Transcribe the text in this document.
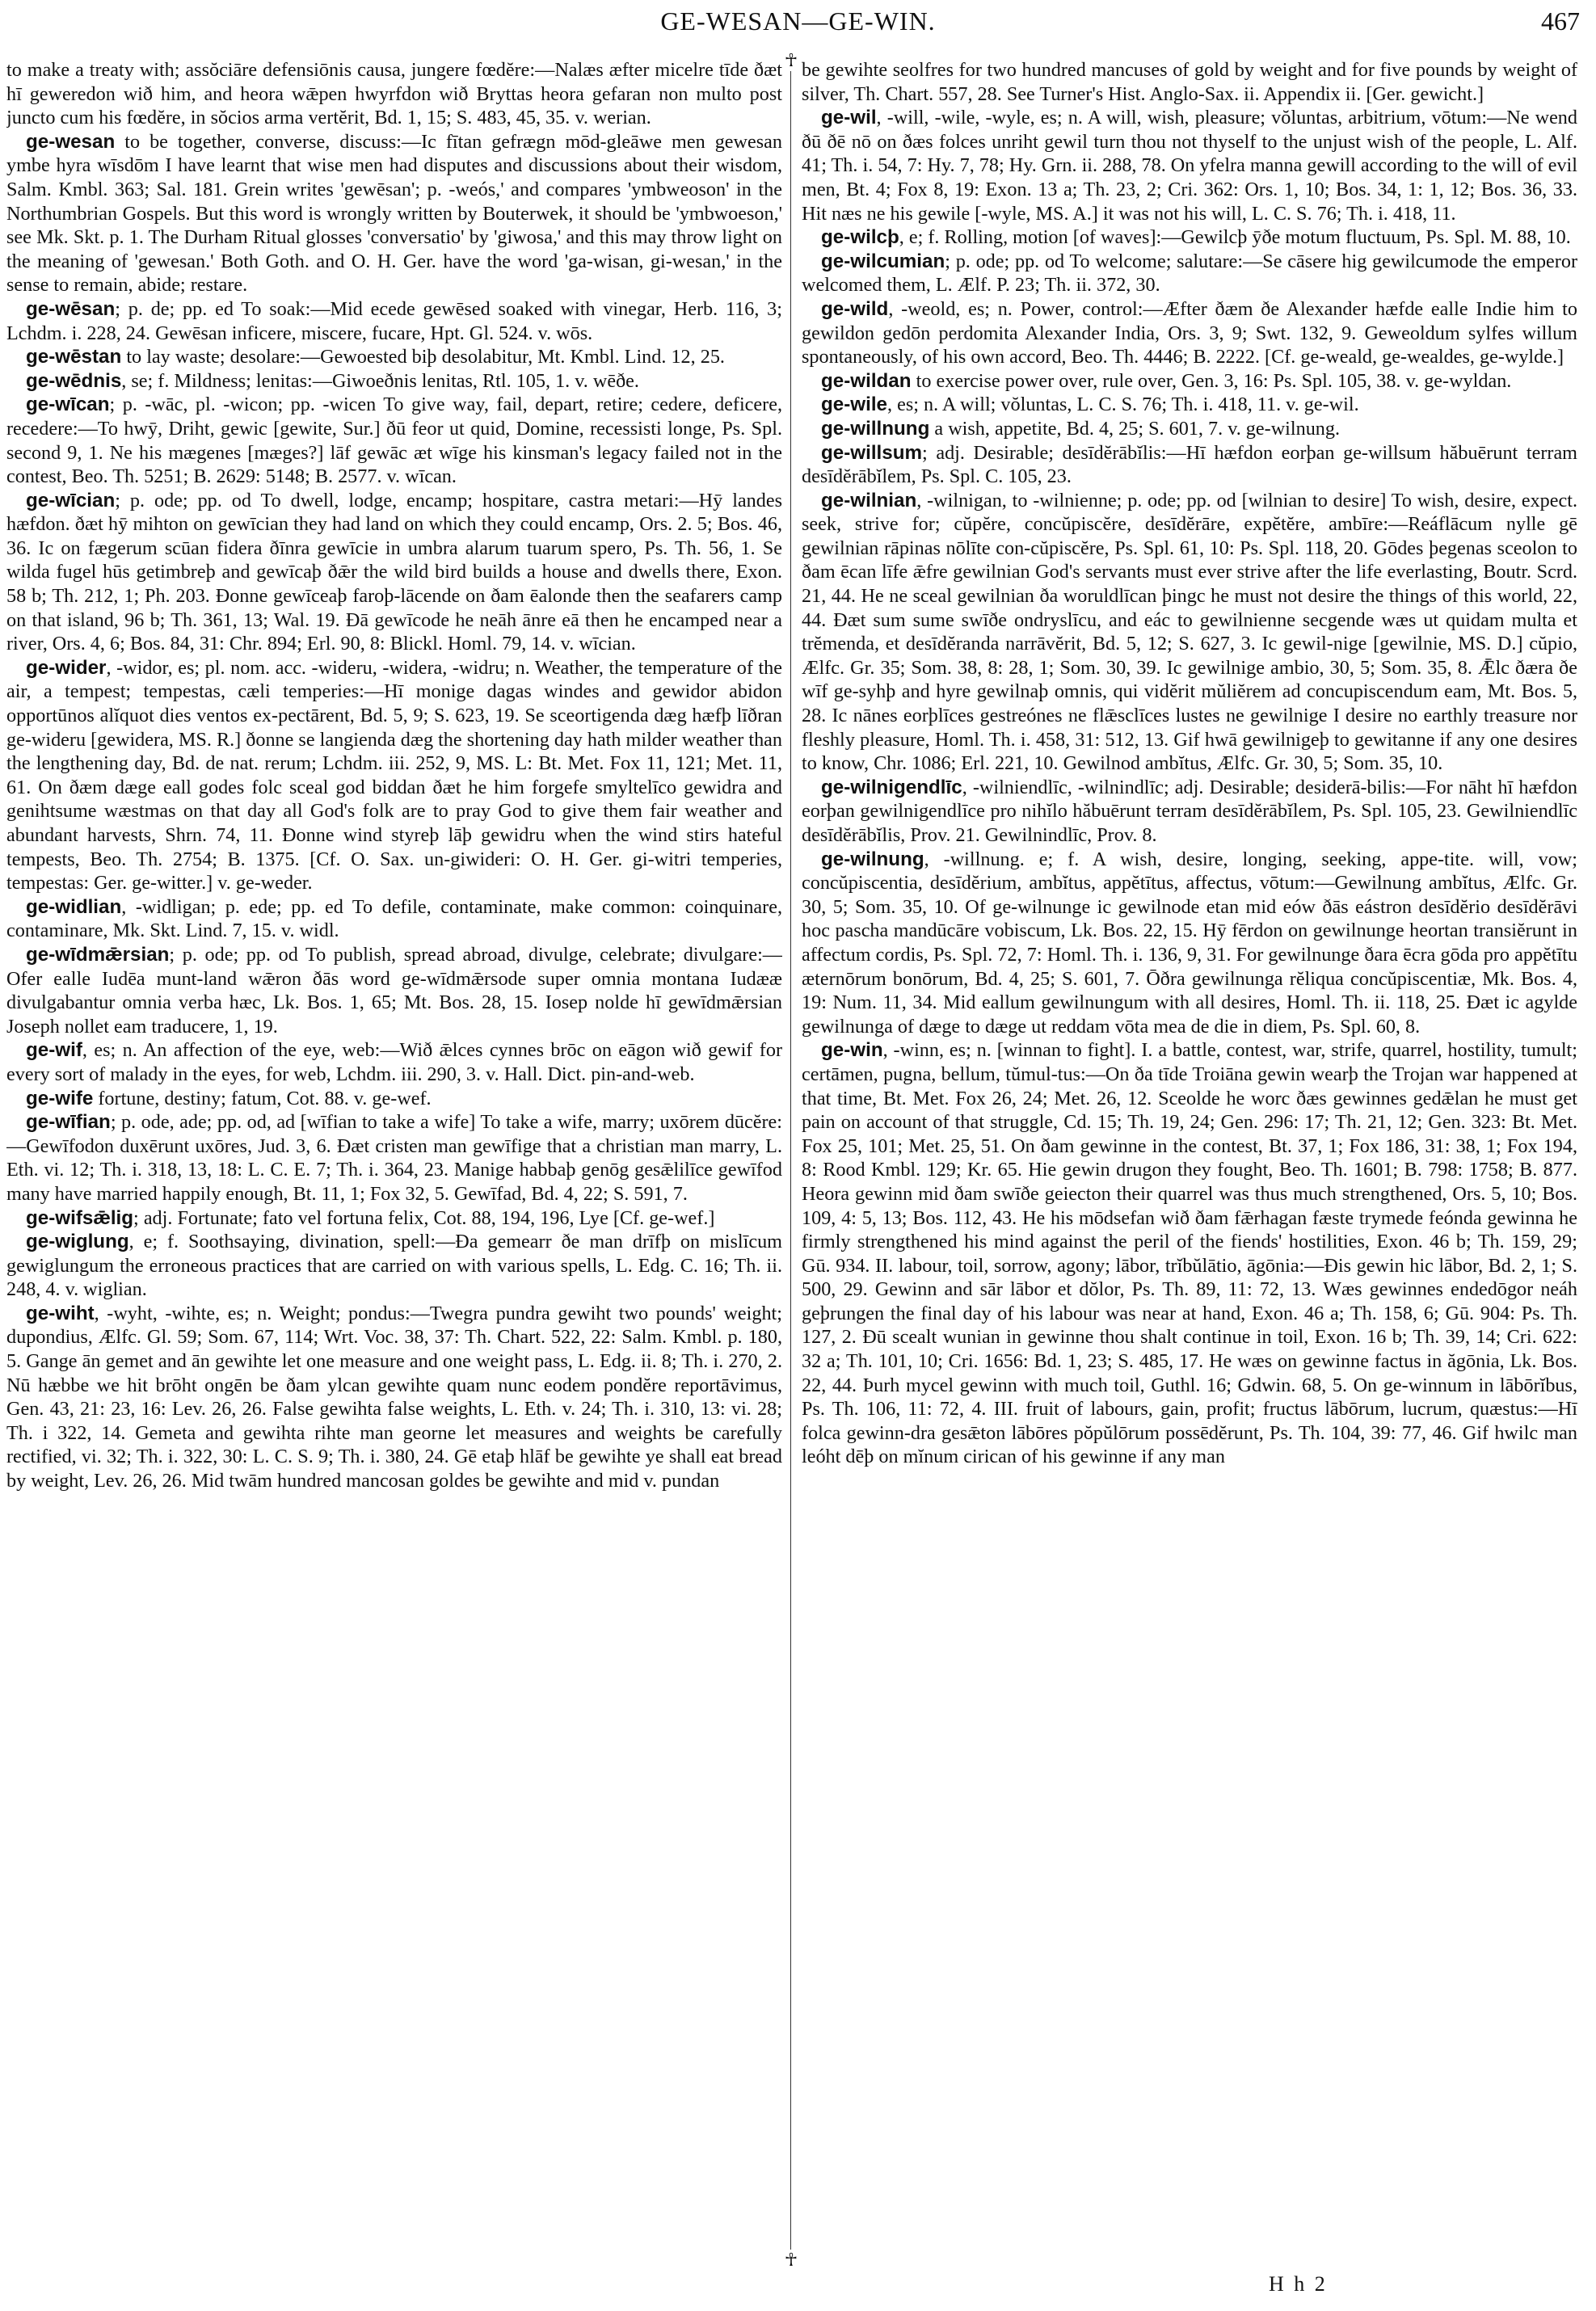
GE-WESAN—GE-WIN.	467
☥
☥

to make a treaty with; assŏciāre defensiōnis causa, jungere fœdĕre:—Nalæs æfter micelre tīde ðæt hī geweredon wið him, and heora wǣpen hwyrfdon wið Bryttas heora gefaran non multo post juncto cum his fœdĕre, in sŏcios arma vertĕrit, Bd. 1, 15; S. 483, 45, 35. v. werian.

ge-wesan to be together, converse, discuss:—Ic fītan gefrægn mōd-gleāwe men gewesan ymbe hyra wīsdōm I have learnt that wise men had disputes and discussions about their wisdom, Salm. Kmbl. 363; Sal. 181. Grein writes 'gewēsan'; p. -weós,' and compares 'ymbweoson' in the Northumbrian Gospels. But this word is wrongly written by Bouterwek, it should be 'ymbwoeson,' see Mk. Skt. p. 1. The Durham Ritual glosses 'conversatio' by 'giwosa,' and this may throw light on the meaning of 'gewesan.' Both Goth. and O. H. Ger. have the word 'ga-wisan, gi-wesan,' in the sense to remain, abide; restare.

ge-wēsan; p. de; pp. ed To soak:—Mid ecede gewēsed soaked with vinegar, Herb. 116, 3; Lchdm. i. 228, 24. Gewēsan inficere, miscere, fucare, Hpt. Gl. 524. v. wōs.

ge-wēstan to lay waste; desolare:—Gewoested biþ desolabitur, Mt. Kmbl. Lind. 12, 25.

ge-wēdnis, se; f. Mildness; lenitas:—Giwoeðnis lenitas, Rtl. 105, 1. v. wēðe.

ge-wīcan; p. -wāc, pl. -wicon; pp. -wicen To give way, fail, depart, retire; cedere, deficere, recedere:—To hwȳ, Driht, gewic [gewite, Sur.] ðū feor ut quid, Domine, recessisti longe, Ps. Spl. second 9, 1. Ne his mægenes [mæges?] lāf gewāc æt wīge his kinsman's legacy failed not in the contest, Beo. Th. 5251; B. 2629: 5148; B. 2577. v. wīcan.

ge-wīcian; p. ode; pp. od To dwell, lodge, encamp; hospitare, castra metari:—Hȳ landes hæfdon. ðæt hȳ mihton on gewīcian they had land on which they could encamp, Ors. 2. 5; Bos. 46, 36. Ic on fægerum scūan fidera ðīnra gewīcie in umbra alarum tuarum spero, Ps. Th. 56, 1. Se wilda fugel hūs getimbreþ and gewīcaþ ðǣr the wild bird builds a house and dwells there, Exon. 58 b; Th. 212, 1; Ph. 203. Ðonne gewīceaþ faroþ-lācende on ðam ēalonde then the seafarers camp on that island, 96 b; Th. 361, 13; Wal. 19. Ðā gewīcode he neāh ānre eā then he encamped near a river, Ors. 4, 6; Bos. 84, 31: Chr. 894; Erl. 90, 8: Blickl. Homl. 79, 14. v. wīcian.

ge-wider, -widor, es; pl. nom. acc. -wideru, -widera, -widru; n. Weather, the temperature of the air, a tempest; tempestas, cæli temperies:—Hī monige dagas windes and gewidor abidon opportūnos alĭquot dies ventos ex-pectārent, Bd. 5, 9; S. 623, 19. Se sceortigenda dæg hæfþ līðran ge-wideru [gewidera, MS. R.] ðonne se langienda dæg the shortening day hath milder weather than the lengthening day, Bd. de nat. rerum; Lchdm. iii. 252, 9, MS. L: Bt. Met. Fox 11, 121; Met. 11, 61. On ðæm dæge eall godes folc sceal god biddan ðæt he him forgefe smyltelīco gewidra and genihtsume wæstmas on that day all God's folk are to pray God to give them fair weather and abundant harvests, Shrn. 74, 11. Ðonne wind styreþ lāþ gewidru when the wind stirs hateful tempests, Beo. Th. 2754; B. 1375. [Cf. O. Sax. un-giwideri: O. H. Ger. gi-witri temperies, tempestas: Ger. ge-witter.] v. ge-weder.

ge-widlian, -widligan; p. ede; pp. ed To defile, contaminate, make common: coinquinare, contaminare, Mk. Skt. Lind. 7, 15. v. widl.

ge-wīdmǣrsian; p. ode; pp. od To publish, spread abroad, divulge, celebrate; divulgare:—Ofer ealle Iudēa munt-land wǣron ðās word ge-wīdmǣrsode super omnia montana Iudææ divulgabantur omnia verba hæc, Lk. Bos. 1, 65; Mt. Bos. 28, 15. Iosep nolde hī gewīdmǣrsian Joseph nollet eam traducere, 1, 19.

ge-wif, es; n. An affection of the eye, web:—Wið ǣlces cynnes brōc on eāgon wið gewif for every sort of malady in the eyes, for web, Lchdm. iii. 290, 3. v. Hall. Dict. pin-and-web.

ge-wife fortune, destiny; fatum, Cot. 88. v. ge-wef.

ge-wīfian; p. ode, ade; pp. od, ad [wīfian to take a wife] To take a wife, marry; uxōrem dūcĕre:—Gewīfodon duxērunt uxōres, Jud. 3, 6. Ðæt cristen man gewīfige that a christian man marry, L. Eth. vi. 12; Th. i. 318, 13, 18: L. C. E. 7; Th. i. 364, 23. Manige habbaþ genōg gesǣlilīce gewīfod many have married happily enough, Bt. 11, 1; Fox 32, 5. Gewīfad, Bd. 4, 22; S. 591, 7.

ge-wifsǣlig; adj. Fortunate; fato vel fortuna felix, Cot. 88, 194, 196, Lye [Cf. ge-wef.]

ge-wiglung, e; f. Soothsaying, divination, spell:—Ða gemearr ðe man drīfþ on mislīcum gewiglungum the erroneous practices that are carried on with various spells, L. Edg. C. 16; Th. ii. 248, 4. v. wiglian.

ge-wiht, -wyht, -wihte, es; n. Weight; pondus:—Twegra pundra gewiht two pounds' weight; dupondius, Ælfc. Gl. 59; Som. 67, 114; Wrt. Voc. 38, 37: Th. Chart. 522, 22: Salm. Kmbl. p. 180, 5. Gange ān gemet and ān gewihte let one measure and one weight pass, L. Edg. ii. 8; Th. i. 270, 2. Nū hæbbe we hit brōht ongēn be ðam ylcan gewihte quam nunc eodem pondĕre reportāvimus, Gen. 43, 21: 23, 16: Lev. 26, 26. False gewihta false weights, L. Eth. v. 24; Th. i. 310, 13: vi. 28; Th. i 322, 14. Gemeta and gewihta rihte man georne let measures and weights be carefully rectified, vi. 32; Th. i. 322, 30: L. C. S. 9; Th. i. 380, 24. Gē etaþ hlāf be gewihte ye shall eat bread by weight, Lev. 26, 26. Mid twām hundred mancosan goldes be gewihte and mid v. pundan

be gewihte seolfres for two hundred mancuses of gold by weight and for five pounds by weight of silver, Th. Chart. 557, 28. See Turner's Hist. Anglo-Sax. ii. Appendix ii. [Ger. gewicht.]

ge-wil, -will, -wile, -wyle, es; n. A will, wish, pleasure; vŏluntas, arbitrium, vōtum:—Ne wend ðū ðē nō on ðæs folces unriht gewil turn thou not thyself to the unjust wish of the people, L. Alf. 41; Th. i. 54, 7: Hy. 7, 78; Hy. Grn. ii. 288, 78. On yfelra manna gewill according to the will of evil men, Bt. 4; Fox 8, 19: Exon. 13 a; Th. 23, 2; Cri. 362: Ors. 1, 10; Bos. 34, 1: 1, 12; Bos. 36, 33. Hit næs ne his gewile [-wyle, MS. A.] it was not his will, L. C. S. 76; Th. i. 418, 11.

ge-wilcþ, e; f. Rolling, motion [of waves]:—Gewilcþ ȳðe motum fluctuum, Ps. Spl. M. 88, 10.

ge-wilcumian; p. ode; pp. od To welcome; salutare:—Se cāsere hig gewilcumode the emperor welcomed them, L. Ælf. P. 23; Th. ii. 372, 30.

ge-wild, -weold, es; n. Power, control:—Æfter ðæm ðe Alexander hæfde ealle Indie him to gewildon gedōn perdomita Alexander India, Ors. 3, 9; Swt. 132, 9. Geweoldum sylfes willum spontaneously, of his own accord, Beo. Th. 4446; B. 2222. [Cf. ge-weald, ge-wealdes, ge-wylde.]

ge-wildan to exercise power over, rule over, Gen. 3, 16: Ps. Spl. 105, 38. v. ge-wyldan.

ge-wile, es; n. A will; vŏluntas, L. C. S. 76; Th. i. 418, 11. v. ge-wil.

ge-willnung a wish, appetite, Bd. 4, 25; S. 601, 7. v. ge-wilnung.

ge-willsum; adj. Desirable; desīdĕrābĭlis:—Hī hæfdon eorþan ge-willsum hăbuērunt terram desīdĕrābĭlem, Ps. Spl. C. 105, 23.

ge-wilnian, -wilnigan, to -wilnienne; p. ode; pp. od [wilnian to desire] To wish, desire, expect. seek, strive for; cŭpĕre, concŭpiscĕre, desīdĕrāre, expĕtĕre, ambīre:—Reáflācum nylle gē gewilnian rāpinas nōlīte con-cŭpiscĕre, Ps. Spl. 61, 10: Ps. Spl. 118, 20. Gōdes þegenas sceolon to ðam ēcan līfe ǣfre gewilnian God's servants must ever strive after the life everlasting, Boutr. Scrd. 21, 44. He ne sceal gewilnian ða woruldlīcan þingc he must not desire the things of this world, 22, 44. Ðæt sum sume swīðe ondryslīcu, and eác to gewilnienne secgende wæs ut quidam multa et trĕmenda, et desīdĕranda narrāvĕrit, Bd. 5, 12; S. 627, 3. Ic gewil-nige [gewilnie, MS. D.] cŭpio, Ælfc. Gr. 35; Som. 38, 8: 28, 1; Som. 30, 39. Ic gewilnige ambio, 30, 5; Som. 35, 8. Ǣlc ðæra ðe wīf ge-syhþ and hyre gewilnaþ omnis, qui vidĕrit mŭliĕrem ad concupiscendum eam, Mt. Bos. 5, 28. Ic nānes eorþlīces gestreónes ne flǣsclīces lustes ne gewilnige I desire no earthly treasure nor fleshly pleasure, Homl. Th. i. 458, 31: 512, 13. Gif hwā gewilnigeþ to gewitanne if any one desires to know, Chr. 1086; Erl. 221, 10. Gewilnod ambĭtus, Ælfc. Gr. 30, 5; Som. 35, 10.

ge-wilnigendlīc, -wilniendlīc, -wilnindlīc; adj. Desirable; desiderā-bilis:—For nāht hī hæfdon eorþan gewilnigendlīce pro nihĭlo hăbuērunt terram desīdĕrābĭlem, Ps. Spl. 105, 23. Gewilniendlīc desīdĕrābĭlis, Prov. 21. Gewilnindlīc, Prov. 8.

ge-wilnung, -willnung. e; f. A wish, desire, longing, seeking, appe-tite. will, vow; concŭpiscentia, desīdĕrium, ambĭtus, appĕtītus, affectus, vōtum:—Gewilnung ambĭtus, Ælfc. Gr. 30, 5; Som. 35, 10. Of ge-wilnunge ic gewilnode etan mid eów ðās eástron desīdĕrio desīdĕrāvi hoc pascha mandūcāre vobiscum, Lk. Bos. 22, 15. Hȳ fērdon on gewilnunge heortan transiĕrunt in affectum cordis, Ps. Spl. 72, 7: Homl. Th. i. 136, 9, 31. For gewilnunge ðara ēcra gōda pro appĕtītu æternōrum bonōrum, Bd. 4, 25; S. 601, 7. Ōðra gewilnunga rĕliqua concŭpiscentiæ, Mk. Bos. 4, 19: Num. 11, 34. Mid eallum gewilnungum with all desires, Homl. Th. ii. 118, 25. Ðæt ic agylde gewilnunga of dæge to dæge ut reddam vōta mea de die in diem, Ps. Spl. 60, 8.

ge-win, -winn, es; n. [winnan to fight]. I. a battle, contest, war, strife, quarrel, hostility, tumult; certāmen, pugna, bellum, tŭmul-tus:—On ða tīde Troiāna gewin wearþ the Trojan war happened at that time, Bt. Met. Fox 26, 24; Met. 26, 12. Sceolde he worc ðæs gewinnes gedǣlan he must get pain on account of that struggle, Cd. 15; Th. 19, 24; Gen. 296: 17; Th. 21, 12; Gen. 323: Bt. Met. Fox 25, 101; Met. 25, 51. On ðam gewinne in the contest, Bt. 37, 1; Fox 186, 31: 38, 1; Fox 194, 8: Rood Kmbl. 129; Kr. 65. Hie gewin drugon they fought, Beo. Th. 1601; B. 798: 1758; B. 877. Heora gewinn mid ðam swīðe geiecton their quarrel was thus much strengthened, Ors. 5, 10; Bos. 109, 4: 5, 13; Bos. 112, 43. He his mōdsefan wið ðam fǣrhagan fæste trymede feónda gewinna he firmly strengthened his mind against the peril of the fiends' hostilities, Exon. 46 b; Th. 159, 29; Gū. 934. II. labour, toil, sorrow, agony; lābor, trĭbŭlātio, āgōnia:—Ðis gewin hic lābor, Bd. 2, 1; S. 500, 29. Gewinn and sār lābor et dŏlor, Ps. Th. 89, 11: 72, 13. Wæs gewinnes endedōgor neáh geþrungen the final day of his labour was near at hand, Exon. 46 a; Th. 158, 6; Gū. 904: Ps. Th. 127, 2. Ðū scealt wunian in gewinne thou shalt continue in toil, Exon. 16 b; Th. 39, 14; Cri. 622: 32 a; Th. 101, 10; Cri. 1656: Bd. 1, 23; S. 485, 17. He wæs on gewinne factus in ăgōnia, Lk. Bos. 22, 44. Þurh mycel gewinn with much toil, Guthl. 16; Gdwin. 68, 5. On ge-winnum in lābōrĭbus, Ps. Th. 106, 11: 72, 4. III. fruit of labours, gain, profit; fructus lābōrum, lucrum, quæstus:—Hī folca gewinn-dra gesǣton lābōres pŏpŭlōrum possēdĕrunt, Ps. Th. 104, 39: 77, 46. Gif hwilc man leóht dēþ on mĭnum cirican of his gewinne if any man

H h 2
